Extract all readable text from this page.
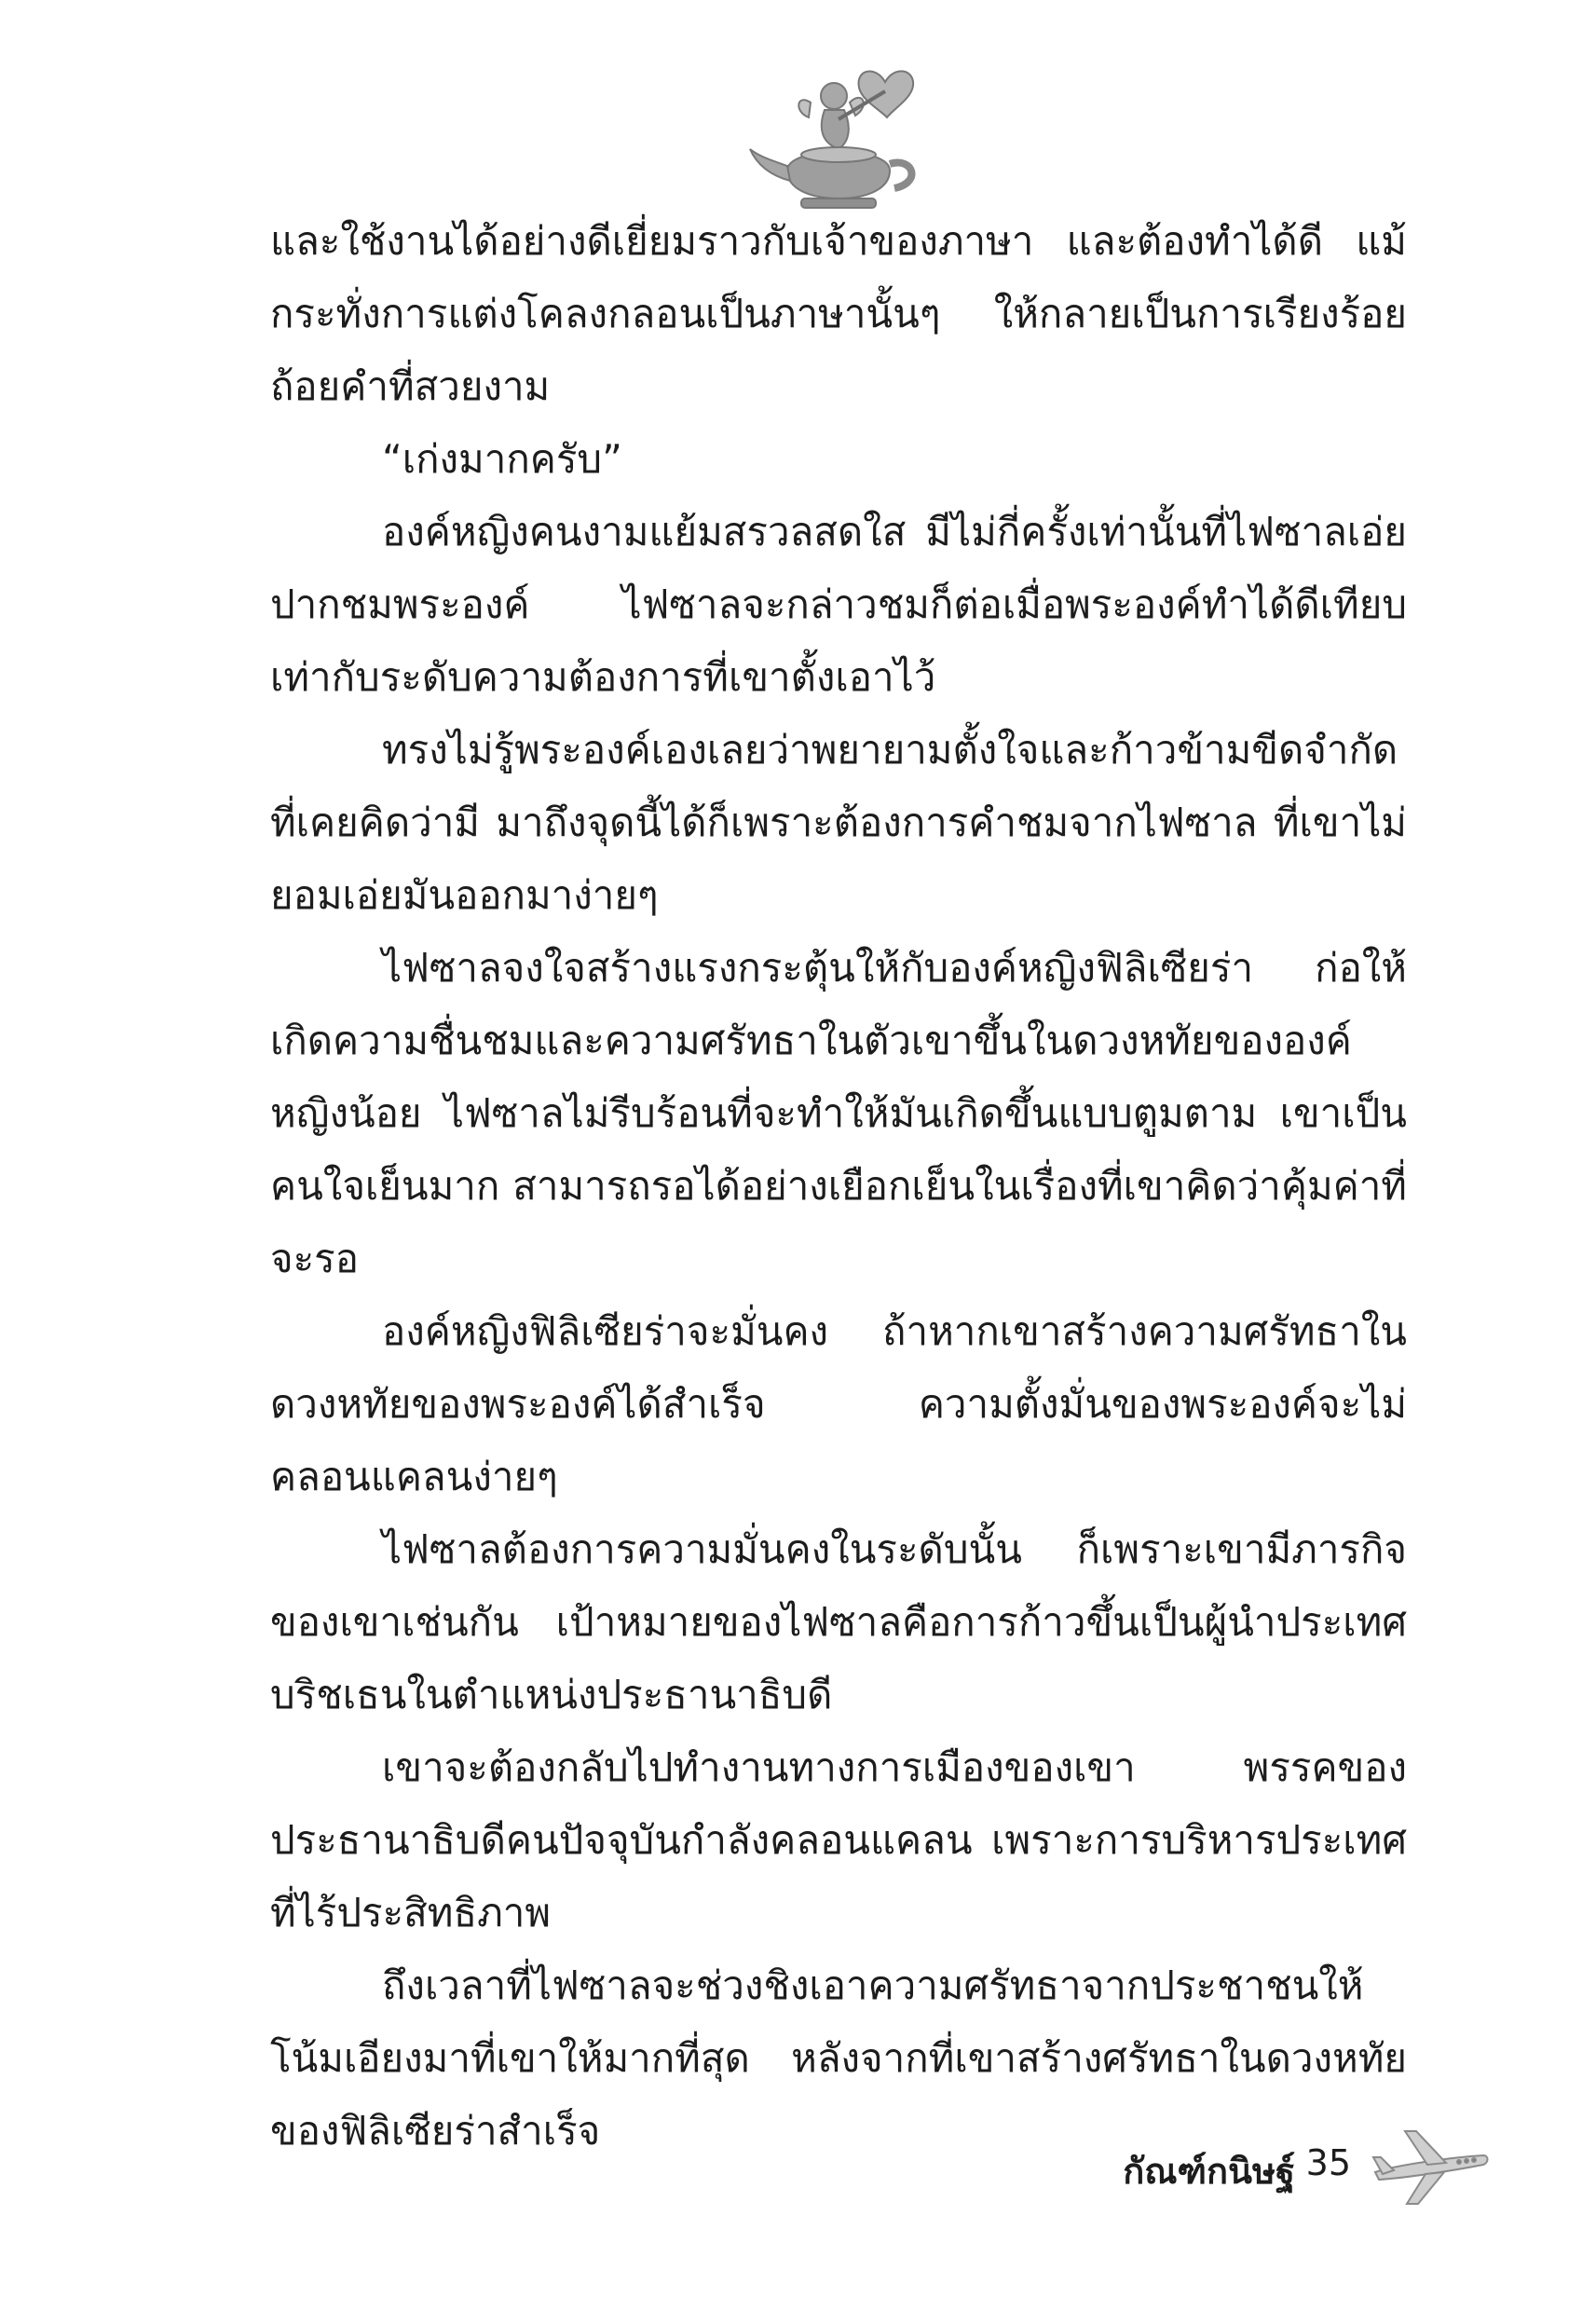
และใช้งานได้อย่างดีเยี่ยมราวกับเจ้าของภาษา และต้องทำได้ดี แม้กระทั่งการแต่งโคลงกลอนเป็นภาษานั้นๆ ให้กลายเป็นการเรียงร้อยถ้อยคำที่สวยงาม

“เก่งมากครับ”

องค์หญิงคนงามแย้มสรวลสดใส มีไม่กี่ครั้งเท่านั้นที่ไฟซาลเอ่ยปากชมพระองค์ ไฟซาลจะกล่าวชมก็ต่อเมื่อพระองค์ทำได้ดีเทียบเท่ากับระดับความต้องการที่เขาตั้งเอาไว้

ทรงไม่รู้พระองค์เองเลยว่าพยายามตั้งใจและก้าวข้ามขีดจำกัดที่เคยคิดว่ามี มาถึงจุดนี้ได้ก็เพราะต้องการคำชมจากไฟซาล ที่เขาไม่ยอมเอ่ยมันออกมาง่ายๆ

ไฟซาลจงใจสร้างแรงกระตุ้นให้กับองค์หญิงฟิลิเซียร่า ก่อให้เกิดความชื่นชมและความศรัทธาในตัวเขาขึ้นในดวงหทัยขององค์หญิงน้อย ไฟซาลไม่รีบร้อนที่จะทำให้มันเกิดขึ้นแบบตูมตาม เขาเป็นคนใจเย็นมาก สามารถรอได้อย่างเยือกเย็นในเรื่องที่เขาคิดว่าคุ้มค่าที่จะรอ

องค์หญิงฟิลิเซียร่าจะมั่นคง ถ้าหากเขาสร้างความศรัทธาในดวงหทัยของพระองค์ได้สำเร็จ ความตั้งมั่นของพระองค์จะไม่คลอนแคลนง่ายๆ

ไฟซาลต้องการความมั่นคงในระดับนั้น ก็เพราะเขามีภารกิจของเขาเช่นกัน เป้าหมายของไฟซาลคือการก้าวขึ้นเป็นผู้นำประเทศบริชเธนในตำแหน่งประธานาธิบดี

เขาจะต้องกลับไปทำงานทางการเมืองของเขา พรรคของประธานาธิบดีคนปัจจุบันกำลังคลอนแคลน เพราะการบริหารประเทศที่ไร้ประสิทธิภาพ

ถึงเวลาที่ไฟซาลจะช่วงชิงเอาความศรัทธาจากประชาชนให้โน้มเอียงมาที่เขาให้มากที่สุด หลังจากที่เขาสร้างศรัทธาในดวงหทัยของฟิลิเซียร่าสำเร็จ

กัณฑ์กนิษฐ์ 35
